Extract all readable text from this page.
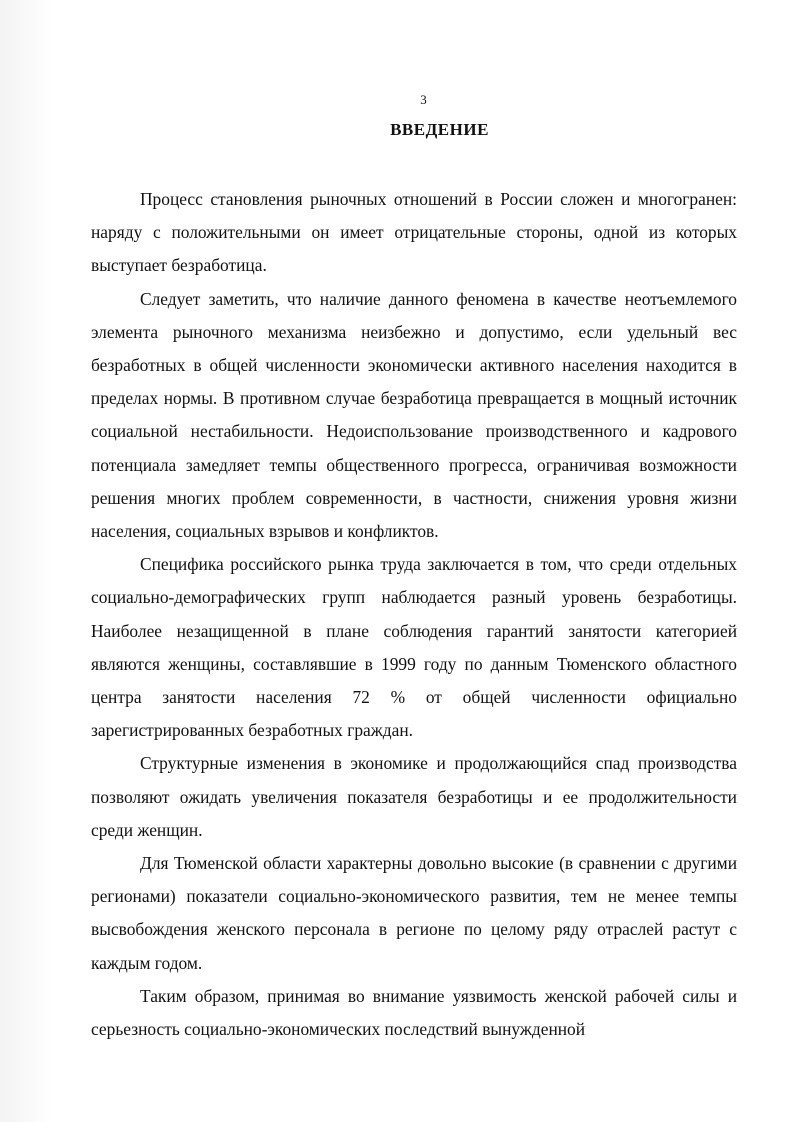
3
ВВЕДЕНИЕ

Процесс становления рыночных отношений в России сложен и многогранен: наряду с положительными он имеет отрицательные стороны, одной из которых выступает безработица.

Следует заметить, что наличие данного феномена в качестве неотъемлемого элемента рыночного механизма неизбежно и допустимо, если удельный вес безработных в общей численности экономически активного населения находится в пределах нормы. В противном случае безработица превращается в мощный источник социальной нестабильности. Недоиспользование производственного и кадрового потенциала замедляет темпы общественного прогресса, ограничивая возможности решения многих проблем современности, в частности, снижения уровня жизни населения, социальных взрывов и конфликтов.

Специфика российского рынка труда заключается в том, что среди отдельных социально-демографических групп наблюдается разный уровень безработицы. Наиболее незащищенной в плане соблюдения гарантий занятости категорией являются женщины, составлявшие в 1999 году по данным Тюменского областного центра занятости населения 72 % от общей численности официально зарегистрированных безработных граждан.

Структурные изменения в экономике и продолжающийся спад производства позволяют ожидать увеличения показателя безработицы и ее продолжительности среди женщин.

Для Тюменской области характерны довольно высокие (в сравнении с другими регионами) показатели социально-экономического развития, тем не менее темпы высвобождения женского персонала в регионе по целому ряду отраслей растут с каждым годом.

Таким образом, принимая во внимание уязвимость женской рабочей силы и серьезность социально-экономических последствий вынужденной
